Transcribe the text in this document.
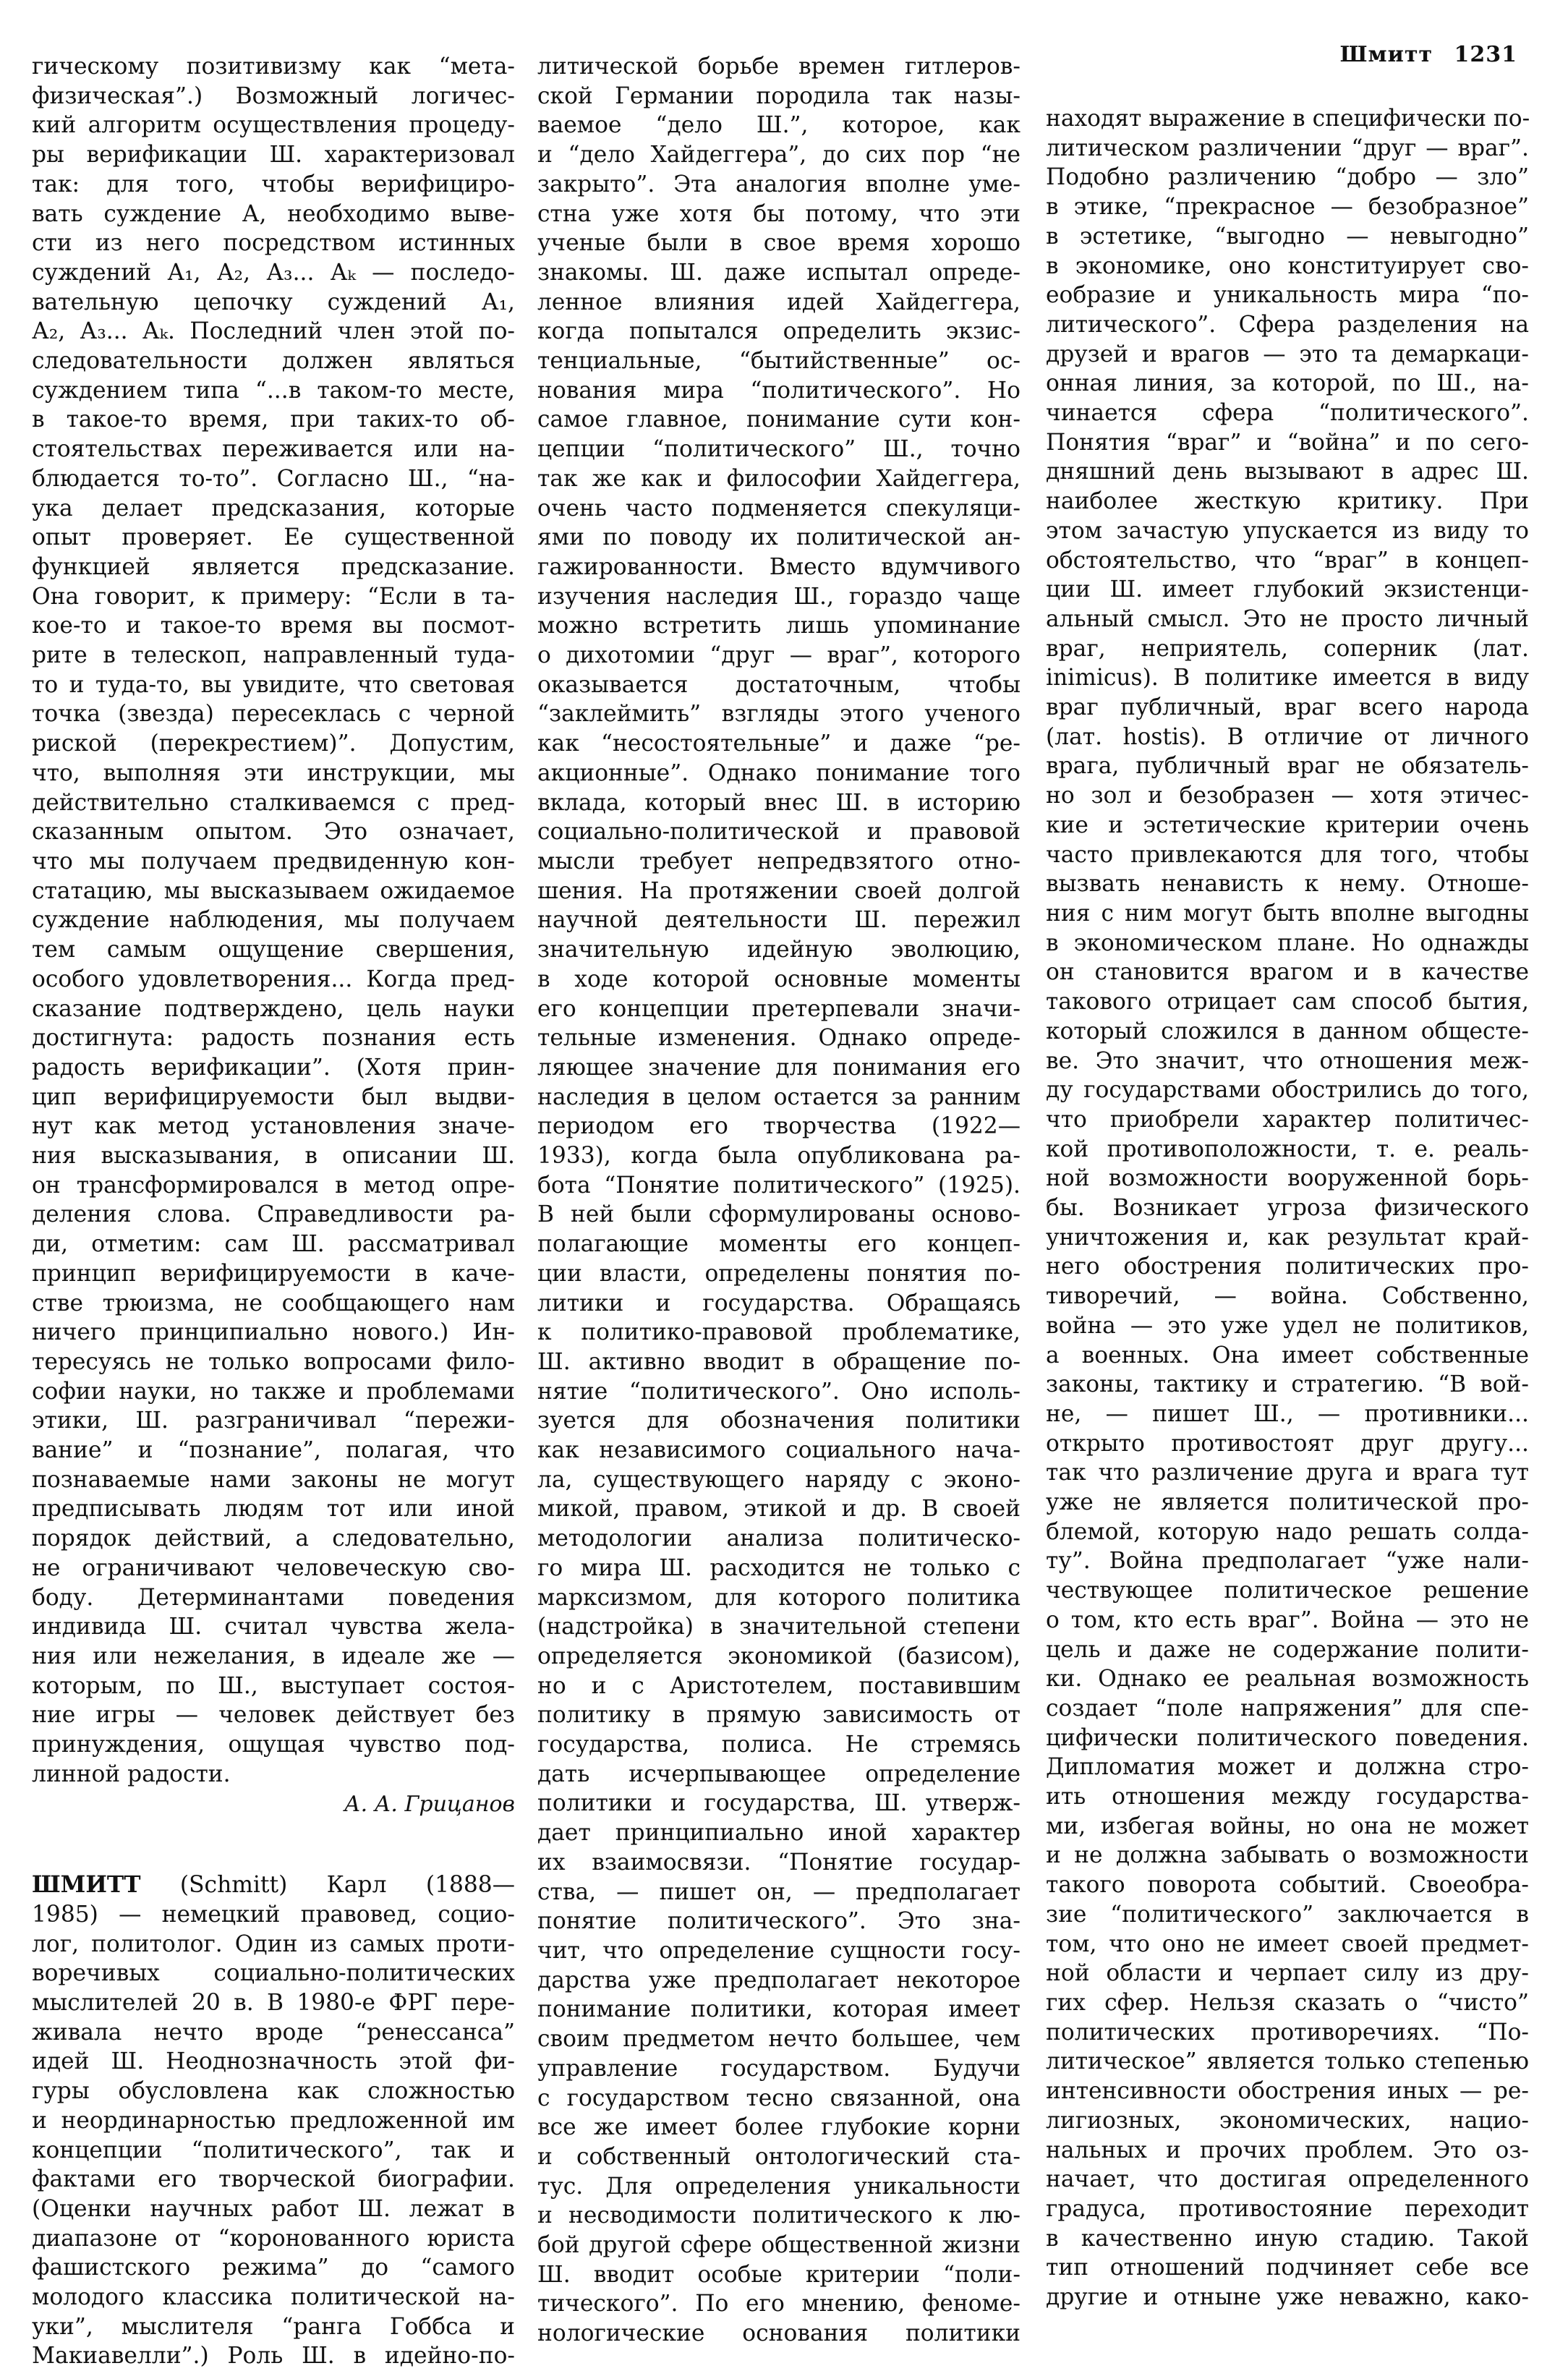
Шмитт 1231
гическому позитивизму как “мета-
физическая”.) Возможный логичес-
кий алгоритм осуществления процеду-
ры верификации Ш. характеризовал
так: для того, чтобы верифициро-
вать суждение А, необходимо выве-
сти из него посредством истинных
суждений А₁, А₂, А₃... Аₖ — последо-
вательную цепочку суждений А₁,
А₂, А₃... Аₖ. Последний член этой по-
следовательности должен являться
суждением типа “...в таком-то месте,
в такое-то время, при таких-то об-
стоятельствах переживается или на-
блюдается то-то”. Согласно Ш., “на-
ука делает предсказания, которые
опыт проверяет. Ее существенной
функцией является предсказание.
Она говорит, к примеру: “Если в та-
кое-то и такое-то время вы посмот-
рите в телескоп, направленный туда-
то и туда-то, вы увидите, что световая
точка (звезда) пересеклась с черной
риской (перекрестием)”. Допустим,
что, выполняя эти инструкции, мы
действительно сталкиваемся с пред-
сказанным опытом. Это означает,
что мы получаем предвиденную кон-
статацию, мы высказываем ожидаемое
суждение наблюдения, мы получаем
тем самым ощущение свершения,
особого удовлетворения... Когда пред-
сказание подтверждено, цель науки
достигнута: радость познания есть
радость верификации”. (Хотя прин-
цип верифицируемости был выдви-
нут как метод установления значе-
ния высказывания, в описании Ш.
он трансформировался в метод опре-
деления слова. Справедливости ра-
ди, отметим: сам Ш. рассматривал
принцип верифицируемости в каче-
стве трюизма, не сообщающего нам
ничего принципиально нового.) Ин-
тересуясь не только вопросами фило-
софии науки, но также и проблемами
этики, Ш. разграничивал “пережи-
вание” и “познание”, полагая, что
познаваемые нами законы не могут
предписывать людям тот или иной
порядок действий, а следовательно,
не ограничивают человеческую сво-
боду. Детерминантами поведения
индивида Ш. считал чувства жела-
ния или нежелания, в идеале же —
которым, по Ш., выступает состоя-
ние игры — человек действует без
принуждения, ощущая чувство под-
линной радости.
А. А. Грицанов
ШМИТТ (Schmitt) Карл (1888—
1985) — немецкий правовед, социо-
лог, политолог. Один из самых проти-
воречивых социально-политических
мыслителей 20 в. В 1980-е ФРГ пере-
живала нечто вроде “ренессанса”
идей Ш. Неоднозначность этой фи-
гуры обусловлена как сложностью
и неординарностью предложенной им
концепции “политического”, так и
фактами его творческой биографии.
(Оценки научных работ Ш. лежат в
диапазоне от “коронованного юриста
фашистского режима” до “самого
молодого классика политической на-
уки”, мыслителя “ранга Гоббса и
Макиавелли”.) Роль Ш. в идейно-по-
литической борьбе времен гитлеров-
ской Германии породила так назы-
ваемое “дело Ш.”, которое, как
и “дело Хайдеггера”, до сих пор “не
закрыто”. Эта аналогия вполне уме-
стна уже хотя бы потому, что эти
ученые были в свое время хорошо
знакомы. Ш. даже испытал опреде-
ленное влияния идей Хайдеггера,
когда попытался определить экзис-
тенциальные, “бытийственные” ос-
нования мира “политического”. Но
самое главное, понимание сути кон-
цепции “политического” Ш., точно
так же как и философии Хайдеггера,
очень часто подменяется спекуляци-
ями по поводу их политической ан-
гажированности. Вместо вдумчивого
изучения наследия Ш., гораздо чаще
можно встретить лишь упоминание
о дихотомии “друг — враг”, которого
оказывается достаточным, чтобы
“заклеймить” взгляды этого ученого
как “несостоятельные” и даже “ре-
акционные”. Однако понимание того
вклада, который внес Ш. в историю
социально-политической и правовой
мысли требует непредвзятого отно-
шения. На протяжении своей долгой
научной деятельности Ш. пережил
значительную идейную эволюцию,
в ходе которой основные моменты
его концепции претерпевали значи-
тельные изменения. Однако опреде-
ляющее значение для понимания его
наследия в целом остается за ранним
периодом его творчества (1922—
1933), когда была опубликована ра-
бота “Понятие политического” (1925).
В ней были сформулированы осново-
полагающие моменты его концеп-
ции власти, определены понятия по-
литики и государства. Обращаясь
к политико-правовой проблематике,
Ш. активно вводит в обращение по-
нятие “политического”. Оно исполь-
зуется для обозначения политики
как независимого социального нача-
ла, существующего наряду с эконо-
микой, правом, этикой и др. В своей
методологии анализа политическо-
го мира Ш. расходится не только с
марксизмом, для которого политика
(надстройка) в значительной степени
определяется экономикой (базисом),
но и с Аристотелем, поставившим
политику в прямую зависимость от
государства, полиса. Не стремясь
дать исчерпывающее определение
политики и государства, Ш. утверж-
дает принципиально иной характер
их взаимосвязи. “Понятие государ-
ства, — пишет он, — предполагает
понятие политического”. Это зна-
чит, что определение сущности госу-
дарства уже предполагает некоторое
понимание политики, которая имеет
своим предметом нечто большее, чем
управление государством. Будучи
с государством тесно связанной, она
все же имеет более глубокие корни
и собственный онтологический ста-
тус. Для определения уникальности
и несводимости политического к лю-
бой другой сфере общественной жизни
Ш. вводит особые критерии “поли-
тического”. По его мнению, феноме-
нологические основания политики
находят выражение в специфически по-
литическом различении “друг — враг”.
Подобно различению “добро — зло”
в этике, “прекрасное — безобразное”
в эстетике, “выгодно — невыгодно”
в экономике, оно конституирует сво-
еобразие и уникальность мира “по-
литического”. Сфера разделения на
друзей и врагов — это та демаркаци-
онная линия, за которой, по Ш., на-
чинается сфера “политического”.
Понятия “враг” и “война” и по сего-
дняшний день вызывают в адрес Ш.
наиболее жесткую критику. При
этом зачастую упускается из виду то
обстоятельство, что “враг” в концеп-
ции Ш. имеет глубокий экзистенци-
альный смысл. Это не просто личный
враг, неприятель, соперник (лат.
inimicus). В политике имеется в виду
враг публичный, враг всего народа
(лат. hostis). В отличие от личного
врага, публичный враг не обязатель-
но зол и безобразен — хотя этичес-
кие и эстетические критерии очень
часто привлекаются для того, чтобы
вызвать ненависть к нему. Отноше-
ния с ним могут быть вполне выгодны
в экономическом плане. Но однажды
он становится врагом и в качестве
такового отрицает сам способ бытия,
который сложился в данном общесте-
ве. Это значит, что отношения меж-
ду государствами обострились до того,
что приобрели характер политичес-
кой противоположности, т. е. реаль-
ной возможности вооруженной борь-
бы. Возникает угроза физического
уничтожения и, как результат край-
него обострения политических про-
тиворечий, — война. Собственно,
война — это уже удел не политиков,
а военных. Она имеет собственные
законы, тактику и стратегию. “В вой-
не, — пишет Ш., — противники...
открыто противостоят друг другу...
так что различение друга и врага тут
уже не является политической про-
блемой, которую надо решать солда-
ту”. Война предполагает “уже нали-
чествующее политическое решение
о том, кто есть враг”. Война — это не
цель и даже не содержание полити-
ки. Однако ее реальная возможность
создает “поле напряжения” для спе-
цифически политического поведения.
Дипломатия может и должна стро-
ить отношения между государства-
ми, избегая войны, но она не может
и не должна забывать о возможности
такого поворота событий. Своеобра-
зие “политического” заключается в
том, что оно не имеет своей предмет-
ной области и черпает силу из дру-
гих сфер. Нельзя сказать о “чисто”
политических противоречиях. “По-
литическое” является только степенью
интенсивности обострения иных — ре-
лигиозных, экономических, нацио-
нальных и прочих проблем. Это оз-
начает, что достигая определенного
градуса, противостояние переходит
в качественно иную стадию. Такой
тип отношений подчиняет себе все
другие и отныне уже неважно, како-
